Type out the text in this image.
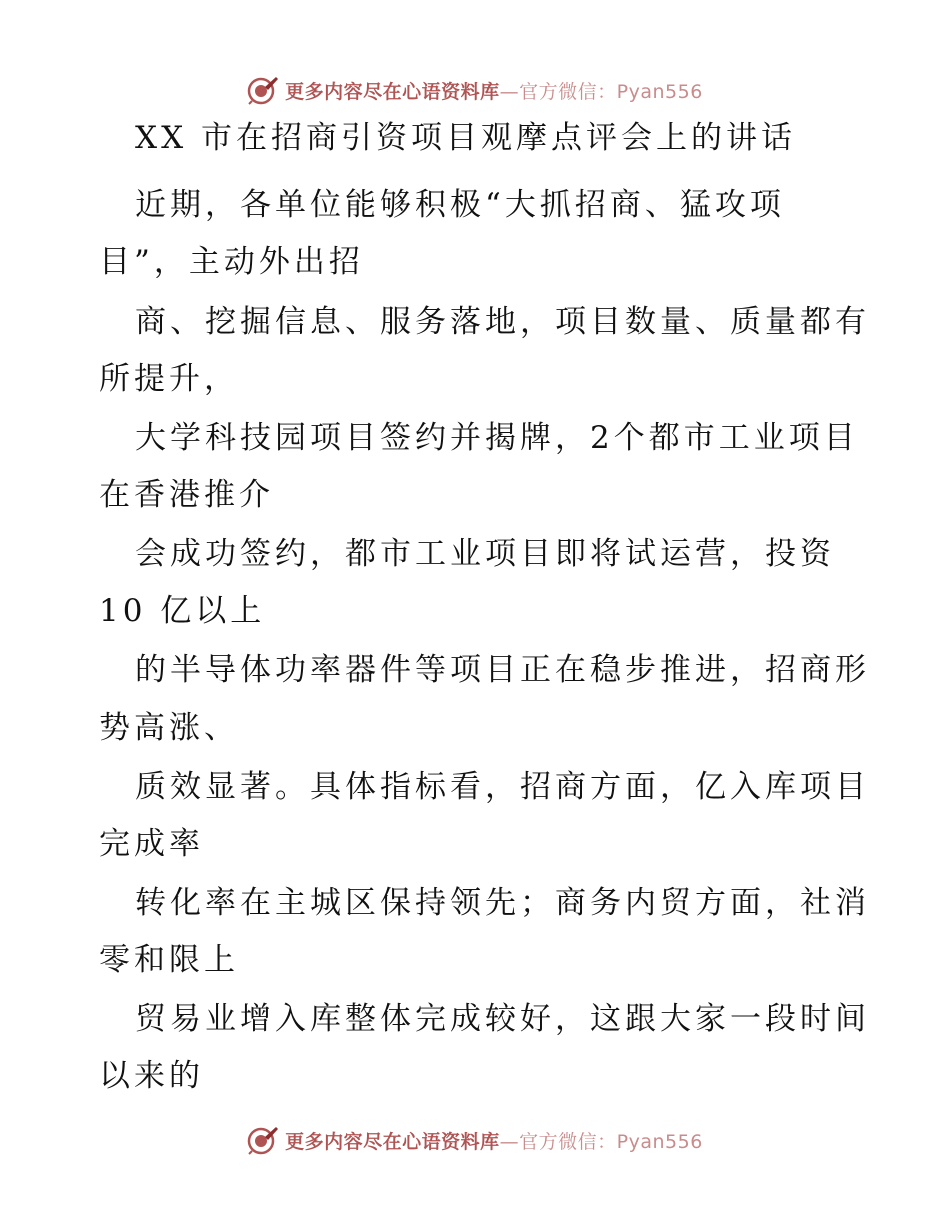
更多内容尽在心语资料库—官方微信：Pyan556
XX 市在招商引资项目观摩点评会上的讲话
近期，各单位能够积极“大抓招商、猛攻项
目”，主动外出招
商、挖掘信息、服务落地，项目数量、质量都有
所提升，
大学科技园项目签约并揭牌，2个都市工业项目
在香港推介
会成功签约，都市工业项目即将试运营，投资
10 亿以上
的半导体功率器件等项目正在稳步推进，招商形
势高涨、
质效显著。具体指标看，招商方面，亿入库项目
完成率
转化率在主城区保持领先；商务内贸方面，社消
零和限上
贸易业增入库整体完成较好，这跟大家一段时间
以来的
更多内容尽在心语资料库—官方微信：Pyan556
